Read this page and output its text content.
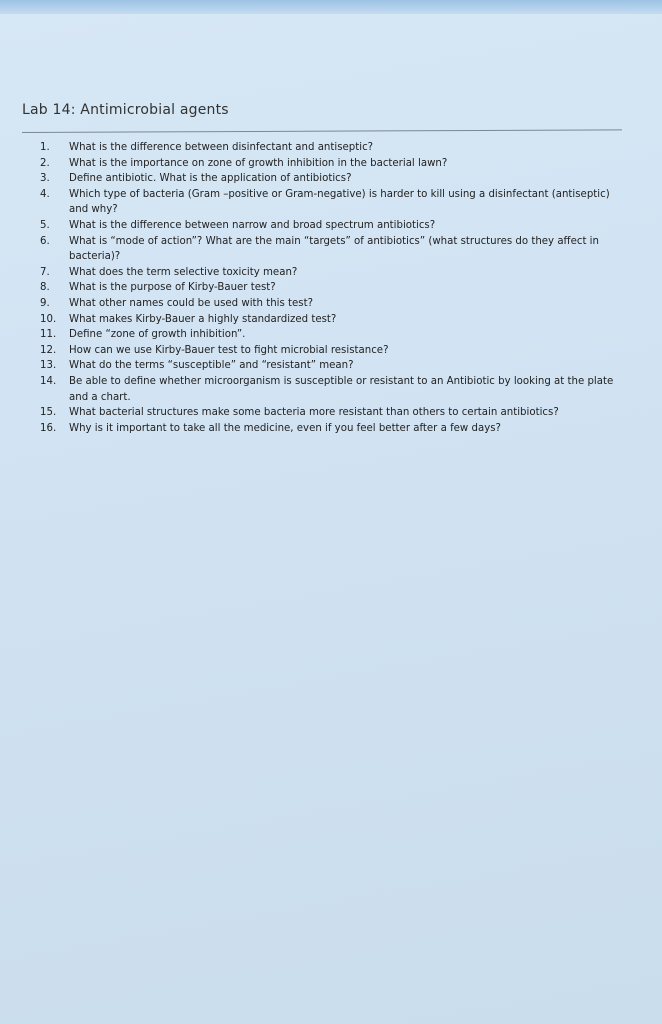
Lab 14: Antimicrobial agents
1.	What is the difference between disinfectant and antiseptic?
2.	What is the importance on zone of growth inhibition in the bacterial lawn?
3.	Define antibiotic. What is the application of antibiotics?
4.	Which type of bacteria (Gram –positive or Gram-negative) is harder to kill using a disinfectant (antiseptic) and why?
5.	What is the difference between narrow and broad spectrum antibiotics?
6.	What is “mode of action”? What are the main “targets” of antibiotics” (what structures do they affect in bacteria)?
7.	What does the term selective toxicity mean?
8.	What is the purpose of Kirby-Bauer test?
9.	What other names could be used with this test?
10.	What makes Kirby-Bauer a highly standardized test?
11.	Define “zone of growth inhibition”.
12.	How can we use Kirby-Bauer test to fight microbial resistance?
13.	What do the terms “susceptible” and “resistant” mean?
14.	Be able to define whether microorganism is susceptible or resistant to an Antibiotic by looking at the plate and a chart.
15.	What bacterial structures make some bacteria more resistant than others to certain antibiotics?
16.	Why is it important to take all the medicine, even if you feel better after a few days?
